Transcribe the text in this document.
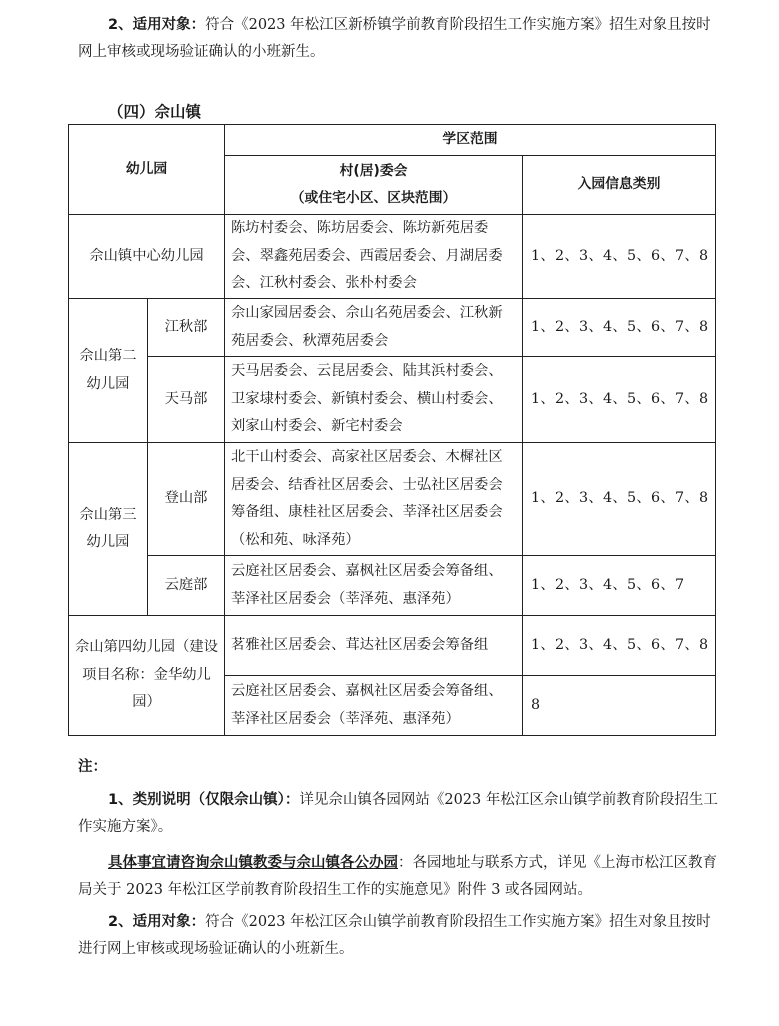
2、适用对象：符合《2023 年松江区新桥镇学前教育阶段招生工作实施方案》招生对象且按时网上审核或现场验证确认的小班新生。

（四）佘山镇

幼儿园		学区范围	

		村(居)委会
（或住宅小区、区块范围）	入园信息类别
佘山镇中心幼儿园		陈坊村委会、陈坊居委会、陈坊新苑居委会、翠鑫苑居委会、西霞居委会、月湖居委会、江秋村委会、张朴村委会	1、2、3、4、5、6、7、8
佘山第二幼儿园	江秋部	佘山家园居委会、佘山名苑居委会、江秋新苑居委会、秋潭苑居委会	1、2、3、4、5、6、7、8
	天马部	天马居委会、云昆居委会、陆其浜村委会、卫家埭村委会、新镇村委会、横山村委会、刘家山村委会、新宅村委会	1、2、3、4、5、6、7、8
佘山第三幼儿园	登山部	北干山村委会、高家社区居委会、木樨社区居委会、结香社区居委会、士弘社区居委会筹备组、康桂社区居委会、莘泽社区居委会（松和苑、咏泽苑）	1、2、3、4、5、6、7、8
	云庭部	云庭社区居委会、嘉枫社区居委会筹备组、莘泽社区居委会（莘泽苑、惠泽苑）	1、2、3、4、5、6、7
佘山第四幼儿园（建设项目名称：金华幼儿园）		茗雅社区居委会、茸达社区居委会筹备组	1、2、3、4、5、6、7、8
		云庭社区居委会、嘉枫社区居委会筹备组、莘泽社区居委会（莘泽苑、惠泽苑）	8

注：

1、类别说明（仅限佘山镇）：详见佘山镇各园网站《2023 年松江区佘山镇学前教育阶段招生工作实施方案》。

具体事宜请咨询佘山镇教委与佘山镇各公办园：各园地址与联系方式，详见《上海市松江区教育局关于 2023 年松江区学前教育阶段招生工作的实施意见》附件 3 或各园网站。

2、适用对象：符合《2023 年松江区佘山镇学前教育阶段招生工作实施方案》招生对象且按时进行网上审核或现场验证确认的小班新生。
